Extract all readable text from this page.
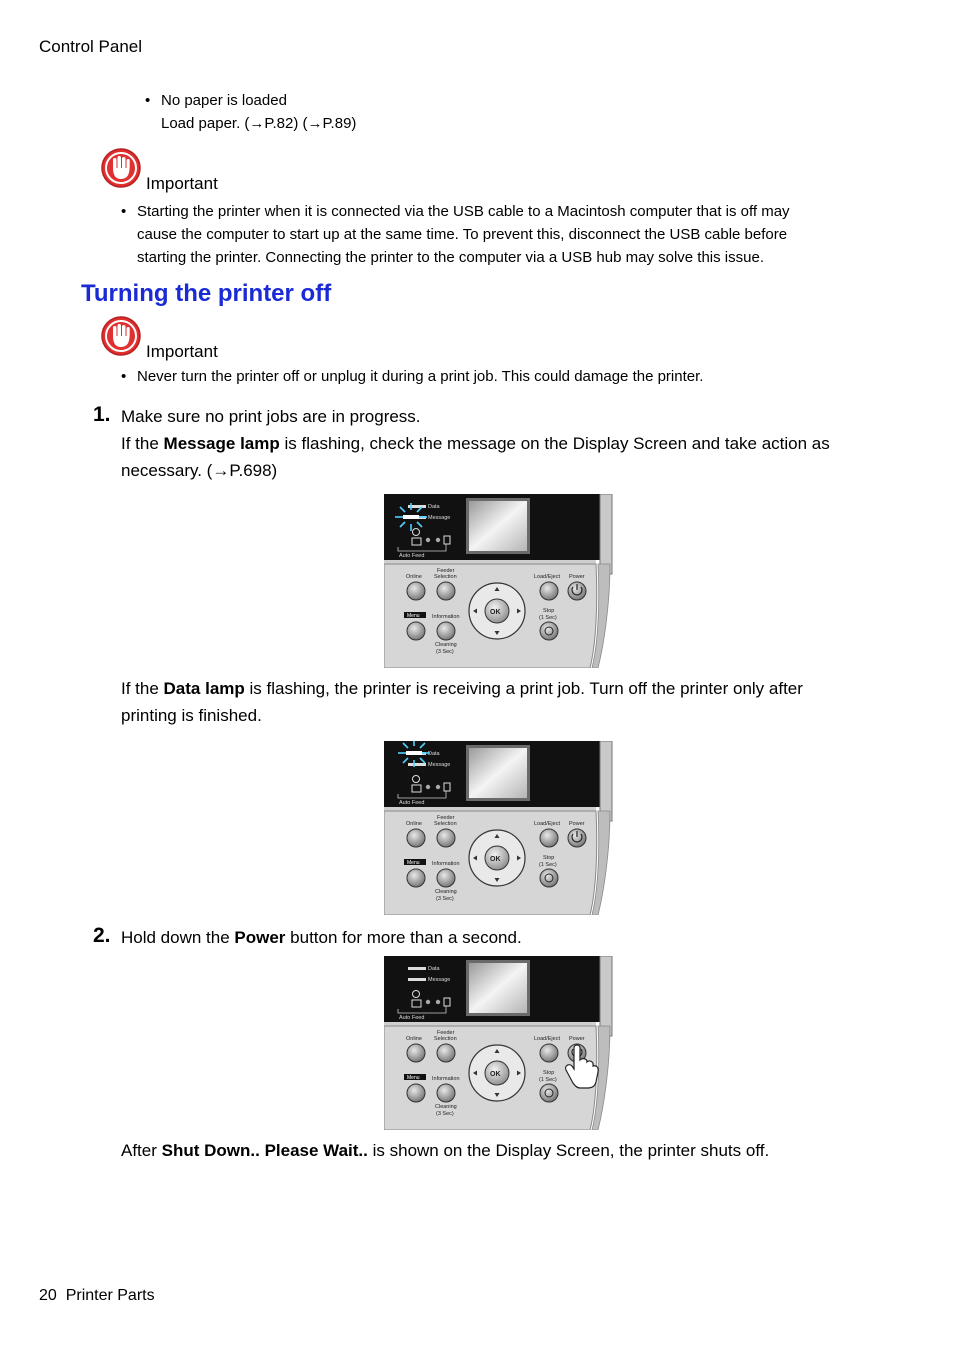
Control Panel
• No paper is loaded
Load paper. (→P.82) (→P.89)
Important
• Starting the printer when it is connected via the USB cable to a Macintosh computer that is off may
cause the computer to start up at the same time. To prevent this, disconnect the USB cable before
starting the printer. Connecting the printer to the computer via a USB hub may solve this issue.
Turning the printer off
Important
• Never turn the printer off or unplug it during a print job. This could damage the printer.
1. Make sure no print jobs are in progress.
If the Message lamp is flashing, check the message on the Display Screen and take action as
necessary. (→P.698)
If the Data lamp is flashing, the printer is receiving a print job. Turn off the printer only after
printing is finished.
2. Hold down the Power button for more than a second.
After Shut Down.. Please Wait.. is shown on the Display Screen, the printer shuts off.
20 Printer Parts
